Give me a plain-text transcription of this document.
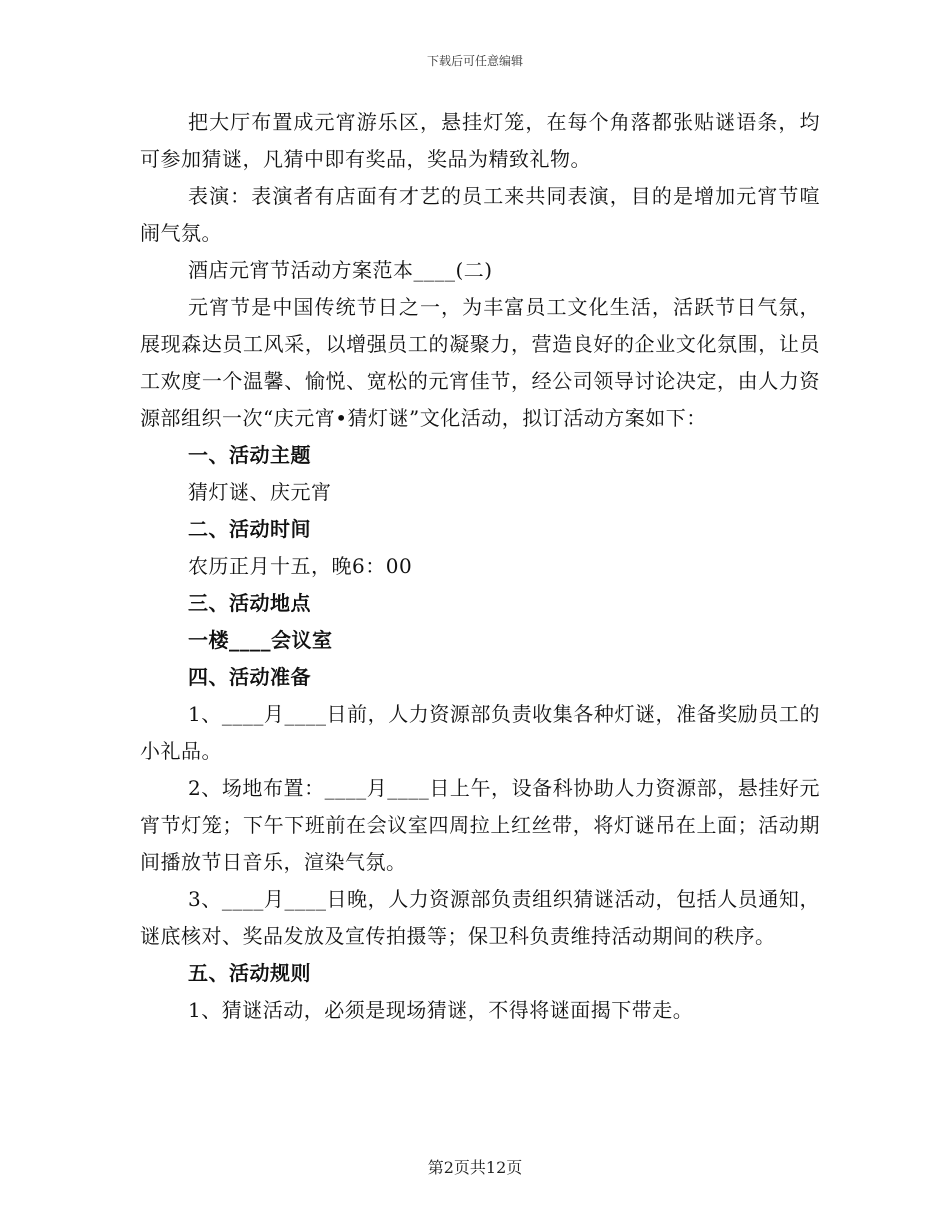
下载后可任意编辑

把大厅布置成元宵游乐区，悬挂灯笼，在每个角落都张贴谜语条，均可参加猜谜，凡猜中即有奖品，奖品为精致礼物。

表演：表演者有店面有才艺的员工来共同表演，目的是增加元宵节喧闹气氛。

酒店元宵节活动方案范本____(二)

元宵节是中国传统节日之一，为丰富员工文化生活，活跃节日气氛，展现森达员工风采，以增强员工的凝聚力，营造良好的企业文化氛围，让员工欢度一个温馨、愉悦、宽松的元宵佳节，经公司领导讨论决定，由人力资源部组织一次“庆元宵•猜灯谜”文化活动，拟订活动方案如下：

一、活动主题

猜灯谜、庆元宵

二、活动时间

农历正月十五，晚6：00

三、活动地点

一楼____会议室

四、活动准备

1、____月____日前，人力资源部负责收集各种灯谜，准备奖励员工的小礼品。

2、场地布置：____月____日上午，设备科协助人力资源部，悬挂好元宵节灯笼；下午下班前在会议室四周拉上红丝带，将灯谜吊在上面；活动期间播放节日音乐，渲染气氛。

3、____月____日晚，人力资源部负责组织猜谜活动，包括人员通知，谜底核对、奖品发放及宣传拍摄等；保卫科负责维持活动期间的秩序。

五、活动规则

1、猜谜活动，必须是现场猜谜，不得将谜面揭下带走。

第2页共12页
